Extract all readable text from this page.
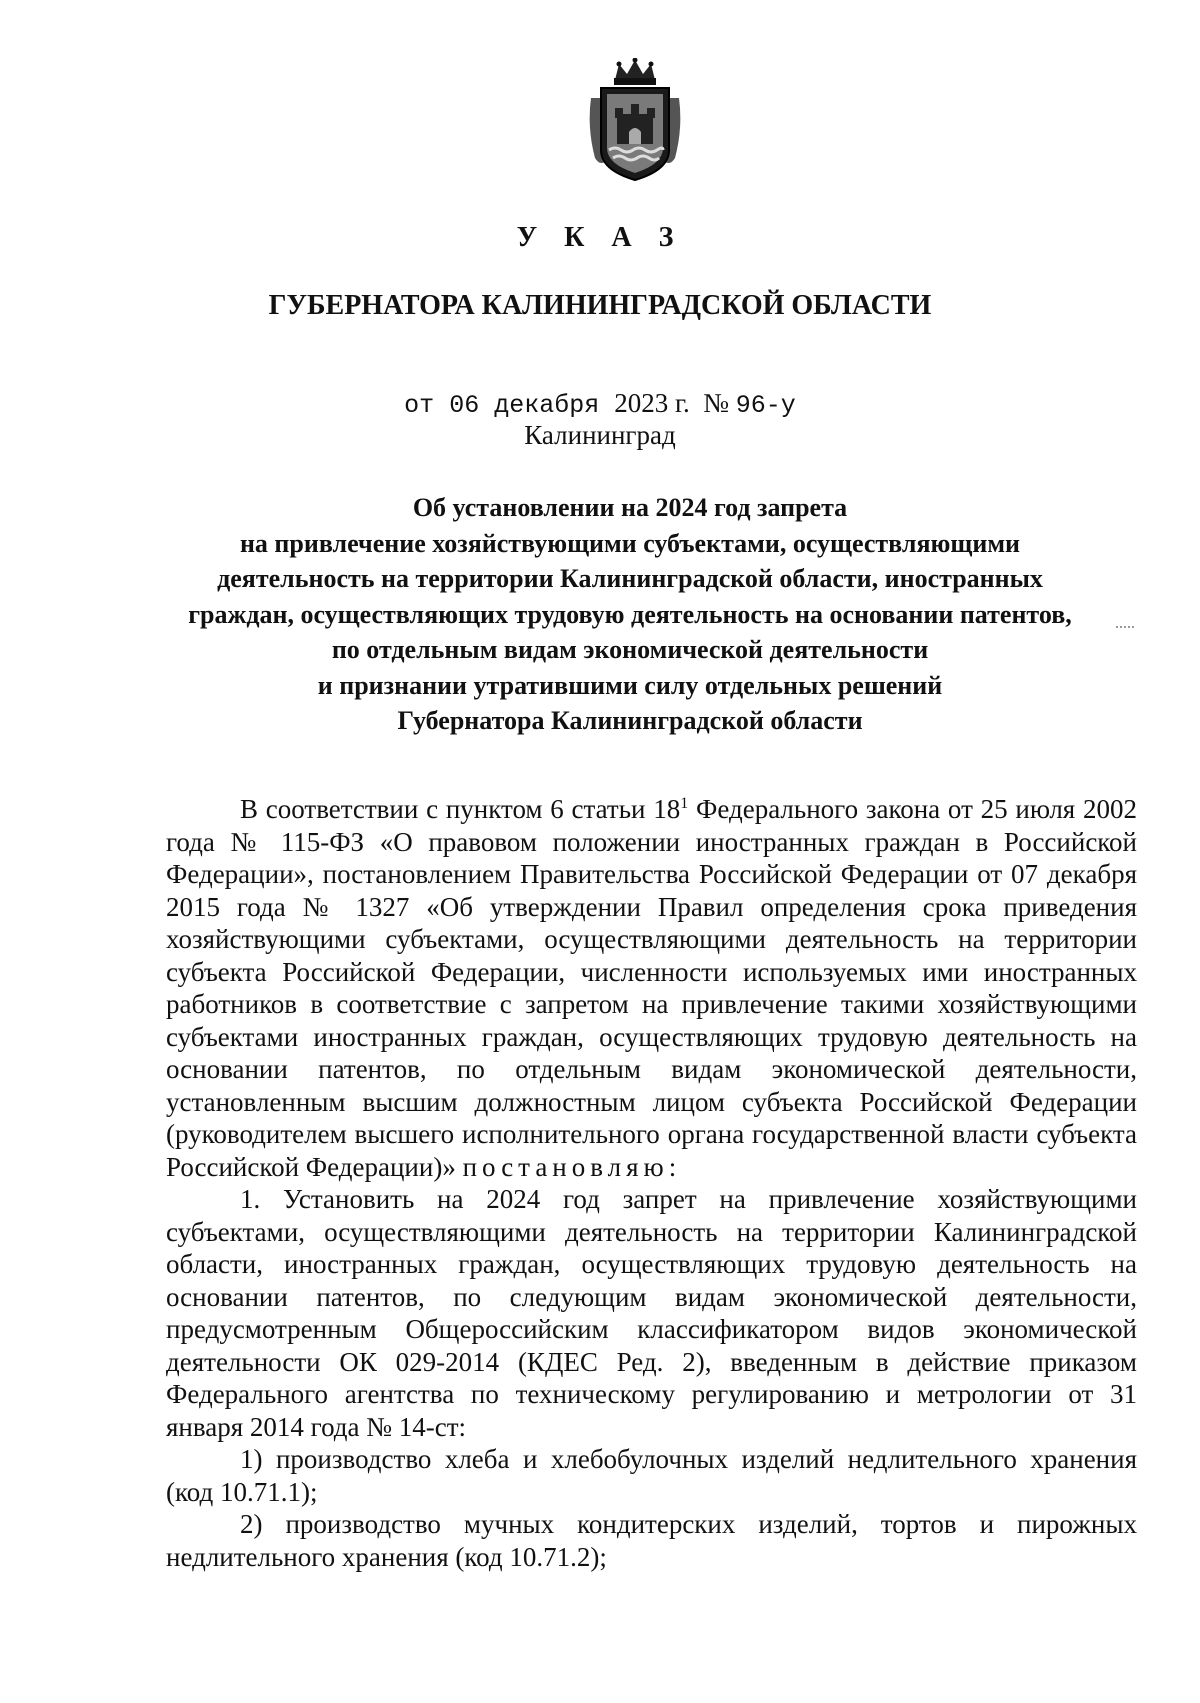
У К А З
ГУБЕРНАТОРА КАЛИНИНГРАДСКОЙ ОБЛАСТИ
от 06 декабря 2023 г. № 96-у
Калининград
Об установлении на 2024 год запрета
на привлечение хозяйствующими субъектами, осуществляющими
деятельность на территории Калининградской области, иностранных
граждан, осуществляющих трудовую деятельность на основании патентов,
по отдельным видам экономической деятельности
и признании утратившими силу отдельных решений
Губернатора Калининградской области

В соответствии с пунктом 6 статьи $18^1$ Федерального закона от 25 июля 2002 года № 115-ФЗ «О правовом положении иностранных граждан в Российской Федерации», постановлением Правительства Российской Федерации от 07 декабря 2015 года № 1327 «Об утверждении Правил определения срока приведения хозяйствующими субъектами, осуществляющими деятельность на территории субъекта Российской Федерации, численности используемых ими иностранных работников в соответствие с запретом на привлечение такими хозяйствующими субъектами иностранных граждан, осуществляющих трудовую деятельность на основании патентов, по отдельным видам экономической деятельности, установленным высшим должностным лицом субъекта Российской Федерации (руководителем высшего исполнительного органа государственной власти субъекта Российской Федерации)» постановляю:

1. Установить на 2024 год запрет на привлечение хозяйствующими субъектами, осуществляющими деятельность на территории Калининградской области, иностранных граждан, осуществляющих трудовую деятельность на основании патентов, по следующим видам экономической деятельности, предусмотренным Общероссийским классификатором видов экономической деятельности ОК 029-2014 (КДЕС Ред. 2), введенным в действие приказом Федерального агентства по техническому регулированию и метрологии от 31 января 2014 года № 14-ст:

1) производство хлеба и хлебобулочных изделий недлительного хранения (код 10.71.1);

2) производство мучных кондитерских изделий, тортов и пирожных недлительного хранения (код 10.71.2);
